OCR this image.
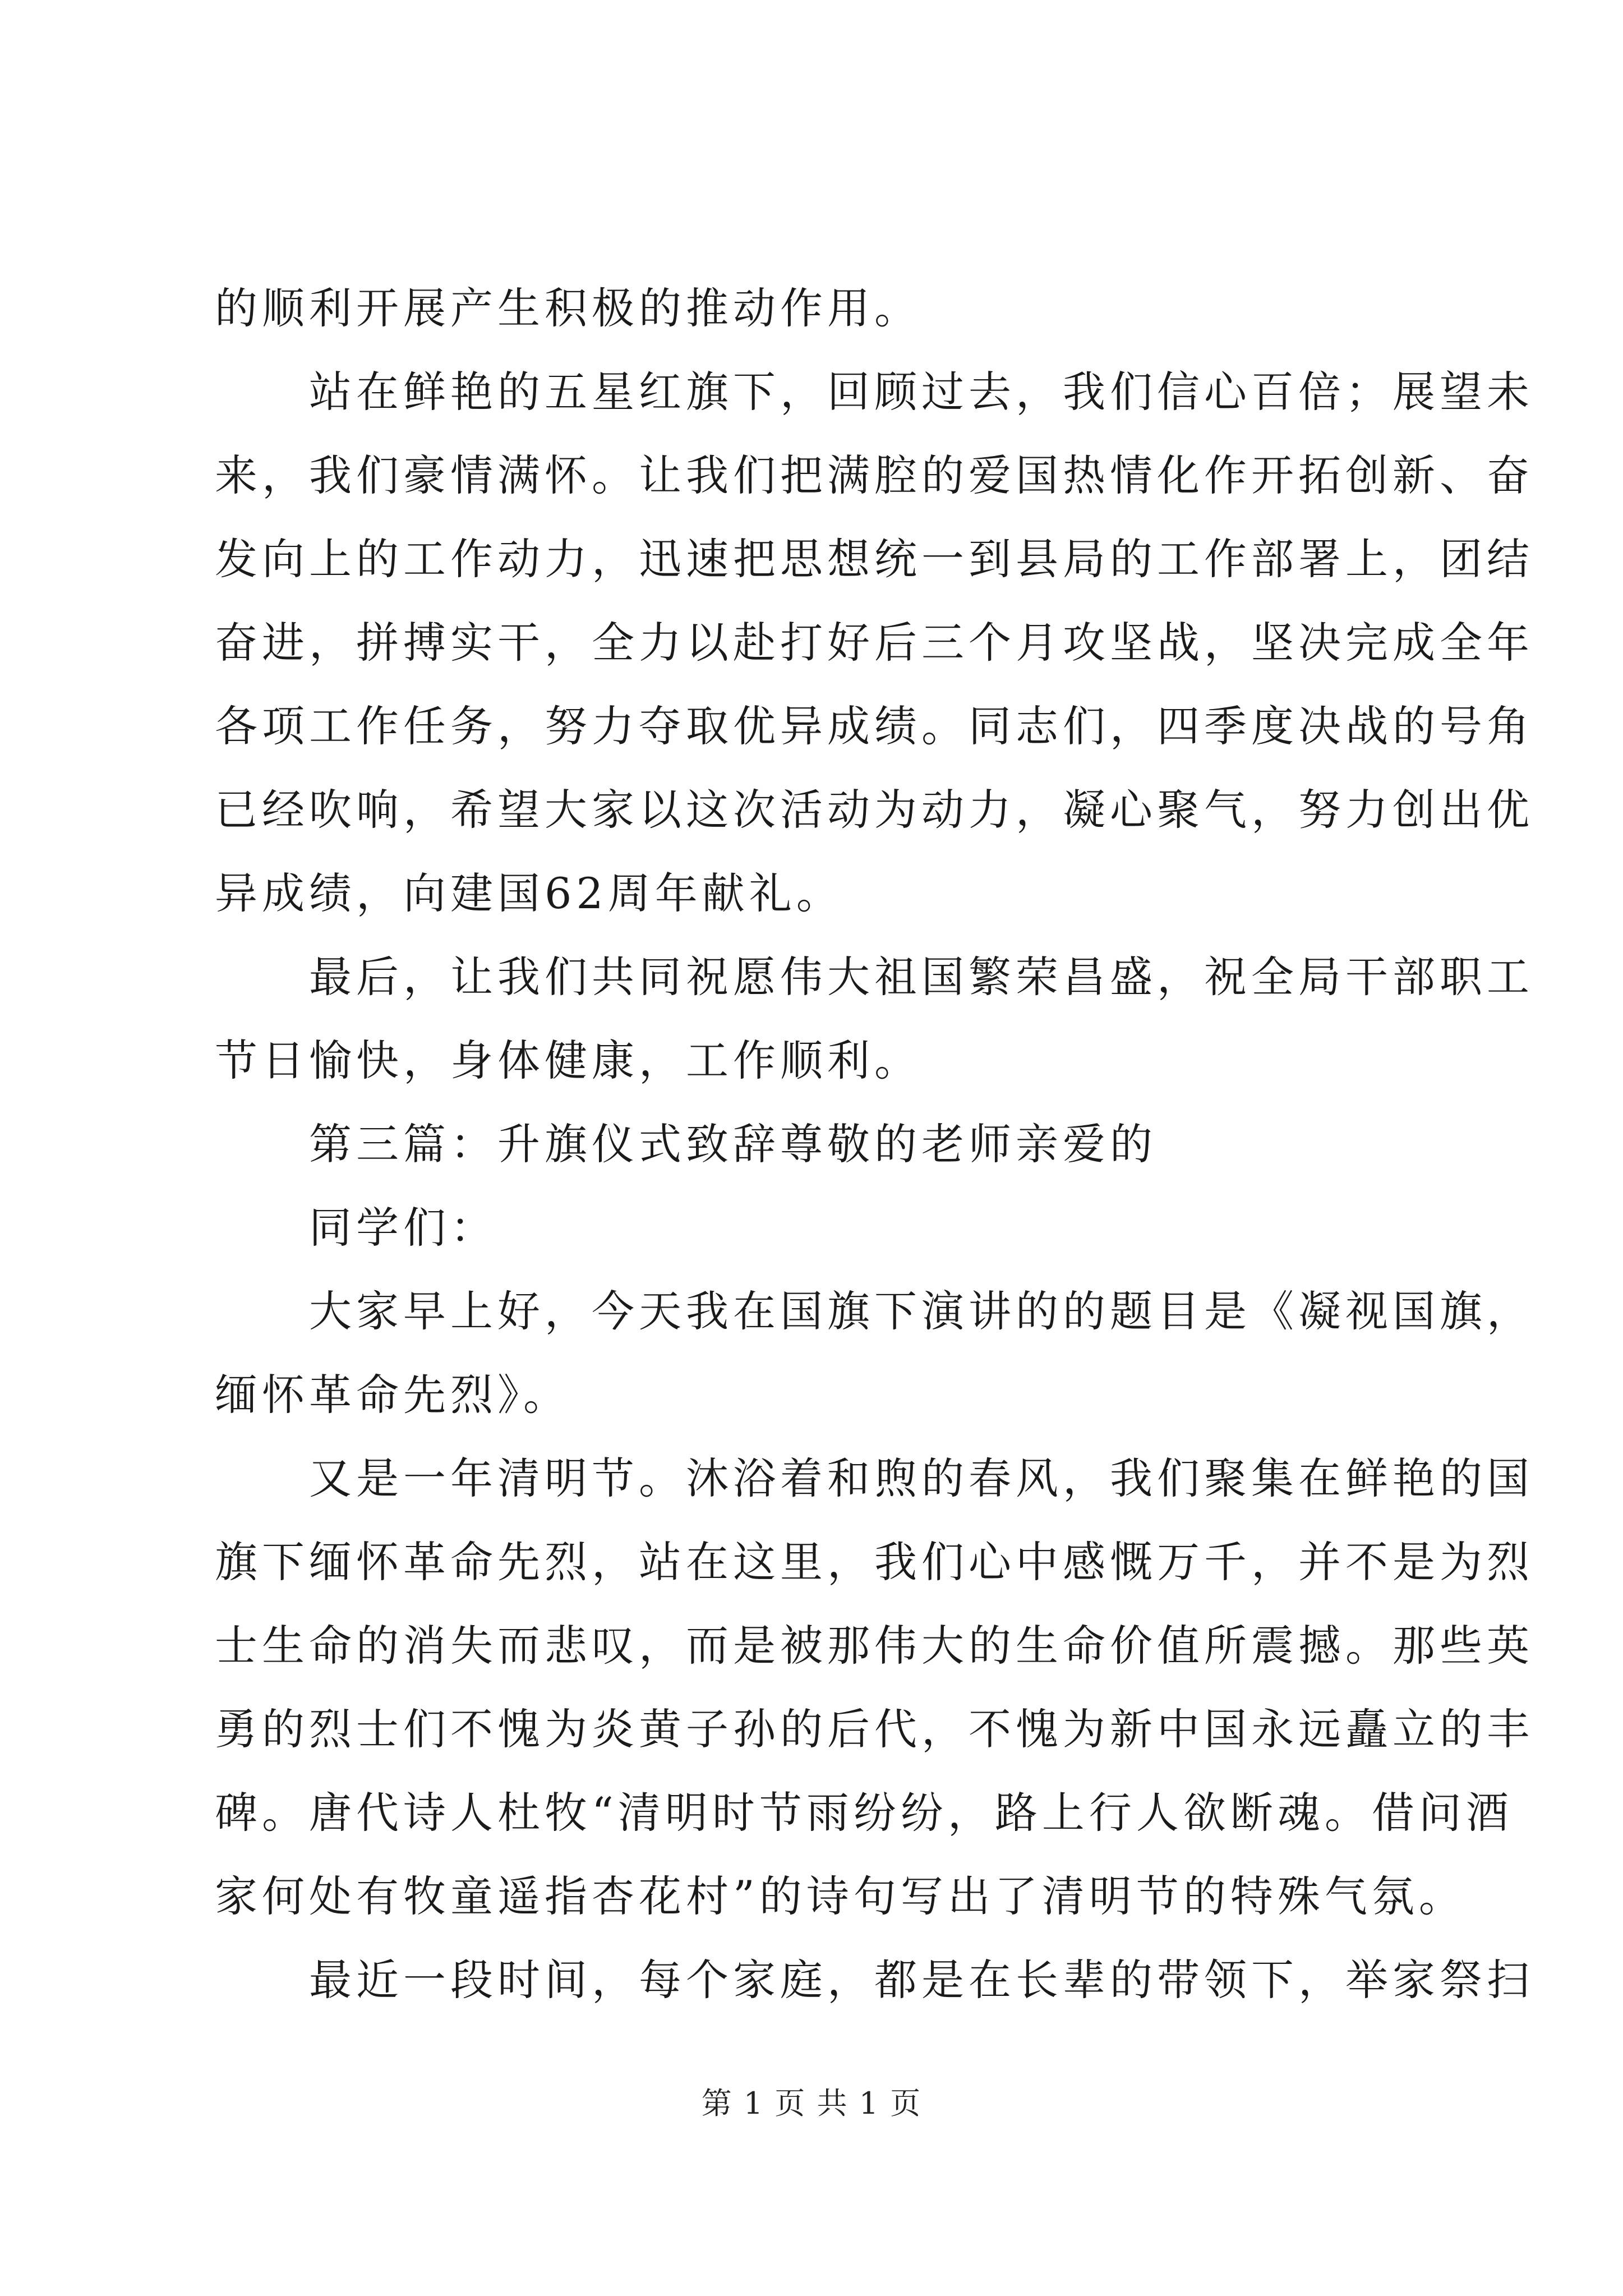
的顺利开展产生积极的推动作用。
站在鲜艳的五星红旗下，回顾过去，我们信心百倍；展望未
来，我们豪情满怀。让我们把满腔的爱国热情化作开拓创新、奋
发向上的工作动力，迅速把思想统一到县局的工作部署上，团结
奋进，拼搏实干，全力以赴打好后三个月攻坚战，坚决完成全年
各项工作任务，努力夺取优异成绩。同志们，四季度决战的号角
已经吹响，希望大家以这次活动为动力，凝心聚气，努力创出优
异成绩，向建国62周年献礼。
最后，让我们共同祝愿伟大祖国繁荣昌盛，祝全局干部职工
节日愉快，身体健康，工作顺利。
第三篇：升旗仪式致辞尊敬的老师亲爱的
同学们：
大家早上好，今天我在国旗下演讲的的题目是《凝视国旗，
缅怀革命先烈》。
又是一年清明节。沐浴着和煦的春风，我们聚集在鲜艳的国
旗下缅怀革命先烈，站在这里，我们心中感慨万千，并不是为烈
士生命的消失而悲叹，而是被那伟大的生命价值所震撼。那些英
勇的烈士们不愧为炎黄子孙的后代，不愧为新中国永远矗立的丰
碑。唐代诗人杜牧“清明时节雨纷纷，路上行人欲断魂。借问酒
家何处有牧童遥指杏花村”的诗句写出了清明节的特殊气氛。
最近一段时间，每个家庭，都是在长辈的带领下，举家祭扫
第 1 页 共 1 页
